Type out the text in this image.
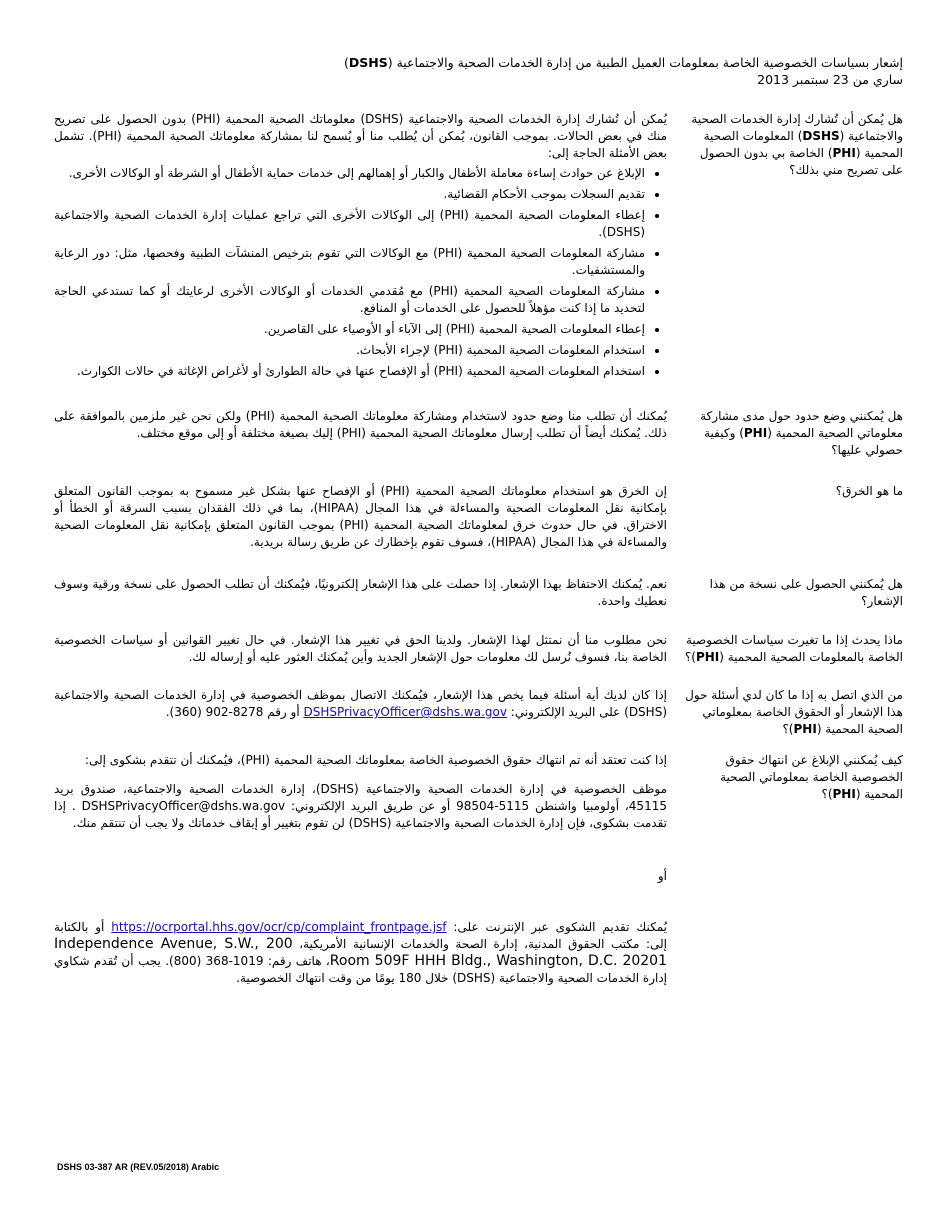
إشعار بسياسات الخصوصية الخاصة بمعلومات العميل الطبية من إدارة الخدمات الصحية والاجتماعية (DSHS)
ساري من 23 سبتمبر 2013
هل يُمكن أن تُشارك إدارة الخدمات الصحية والاجتماعية (DSHS) المعلومات الصحية المحمية (PHI) الخاصة بي بدون الحصول على تصريح مني بذلك؟

يُمكن أن تُشارك إدارة الخدمات الصحية والاجتماعية (DSHS) معلوماتك الصحية المحمية (PHI) بدون الحصول على تصريح منك في بعض الحالات. بموجب القانون، يُمكن أن يُطلب منا أو يُسمح لنا بمشاركة معلوماتك الصحية المحمية (PHI). تشمل بعض الأمثلة الحاجة إلى:

• الإبلاغ عن حوادث إساءة معاملة الأطفال والكبار أو إهمالهم إلى خدمات حماية الأطفال أو الشرطة أو الوكالات الأخرى.
• تقديم السجلات بموجب الأحكام القضائية.
• إعطاء المعلومات الصحية المحمية (PHI) إلى الوكالات الأخرى التي تراجع عمليات إدارة الخدمات الصحية والاجتماعية (DSHS).
• مشاركة المعلومات الصحية المحمية (PHI) مع الوكالات التي تقوم بترخيص المنشآت الطبية وفحصها، مثل: دور الرعاية والمستشفيات.
• مشاركة المعلومات الصحية المحمية (PHI) مع مُقدمي الخدمات أو الوكالات الأخرى لرعايتك أو كما تستدعي الحاجة لتحديد ما إذا كنت مؤهلاً للحصول على الخدمات أو المنافع.
• إعطاء المعلومات الصحية المحمية (PHI) إلى الآباء أو الأوصياء على القاصرين.
• استخدام المعلومات الصحية المحمية (PHI) لإجراء الأبحاث.
• استخدام المعلومات الصحية المحمية (PHI) أو الإفصاح عنها في حالة الطوارئ أو لأغراض الإغاثة في حالات الكوارث.
هل يُمكنني وضع حدود حول مدى مشاركة معلوماتي الصحية المحمية (PHI) وكيفية حصولي عليها؟
يُمكنك أن تطلب منا وضع حدود لاستخدام ومشاركة معلوماتك الصحية المحمية (PHI) ولكن نحن غير ملزمين بالموافقة على ذلك. يُمكنك أيضاً أن تطلب إرسال معلوماتك الصحية المحمية (PHI) إليك بصيغة مختلفة أو إلى موقع مختلف.
ما هو الخرق؟
إن الخرق هو استخدام معلوماتك الصحية المحمية (PHI) أو الإفصاح عنها بشكل غير مسموح به بموجب القانون المتعلق بإمكانية نقل المعلومات الصحية والمساءلة في هذا المجال (HIPAA)، بما في ذلك الفقدان بسبب السرقة أو الخطأ أو الاختراق. في حال حدوث خرق لمعلوماتك الصحية المحمية (PHI) بموجب القانون المتعلق بإمكانية نقل المعلومات الصحية والمساءلة في هذا المجال (HIPAA)، فسوف نقوم بإخطارك عن طريق رسالة بريدية.
هل يُمكنني الحصول على نسخة من هذا الإشعار؟
نعم. يُمكنك الاحتفاظ بهذا الإشعار. إذا حصلت على هذا الإشعار إلكترونيًا، فيُمكنك أن تطلب الحصول على نسخة ورقية وسوف نعطيك واحدة.
ماذا يحدث إذا ما تغيرت سياسات الخصوصية الخاصة بالمعلومات الصحية المحمية (PHI)؟
نحن مطلوب منا أن نمتثل لهذا الإشعار. ولدينا الحق في تغيير هذا الإشعار. في حال تغيير القوانين أو سياسات الخصوصية الخاصة بنا، فسوف نُرسل لك معلومات حول الإشعار الجديد وأين يُمكنك العثور عليه أو إرساله لك.
من الذي اتصل به إذا ما كان لدي أسئلة حول هذا الإشعار أو الحقوق الخاصة بمعلوماتي الصحية المحمية (PHI)؟
إذا كان لديك أية أسئلة فيما يخص هذا الإشعار، فيُمكنك الاتصال بموظف الخصوصية في إدارة الخدمات الصحية والاجتماعية (DSHS) على البريد الإلكتروني: DSHSPrivacyOfficer@dshs.wa.gov أو رقم 8278-902 (360).
كيف يُمكنني الإبلاغ عن انتهاك حقوق الخصوصية الخاصة بمعلوماتي الصحية المحمية (PHI)؟

إذا كنت تعتقد أنه تم انتهاك حقوق الخصوصية الخاصة بمعلوماتك الصحية المحمية (PHI)، فيُمكنك أن تتقدم بشكوى إلى:

موظف الخصوصية في إدارة الخدمات الصحية والاجتماعية (DSHS)، إدارة الخدمات الصحية والاجتماعية، صندوق بريد 45115، أولومبيا واشنطن 5115-98504 أو عن طريق البريد الإلكتروني: DSHSPrivacyOfficer@dshs.wa.gov . إذا تقدمت بشكوى، فإن إدارة الخدمات الصحية والاجتماعية (DSHS) لن تقوم بتغيير أو إيقاف خدماتك ولا يجب أن تنتقم منك.

أو

يُمكنك تقديم الشكوى عبر الإنترنت على: https://ocrportal.hhs.gov/ocr/cp/complaint_frontpage.jsf أو بالكتابة إلى: مكتب الحقوق المدنية، إدارة الصحة والخدمات الإنسانية الأمريكية، 200 Independence Avenue, S.W., Room 509F HHH Bldg., Washington, D.C. 20201، هاتف رقم: 1019-368 (800). يجب أن تُقدم شكاوي إدارة الخدمات الصحية والاجتماعية (DSHS) خلال 180 يومًا من وقت انتهاك الخصوصية.

DSHS 03-387 AR (REV.05/2018) Arabic
